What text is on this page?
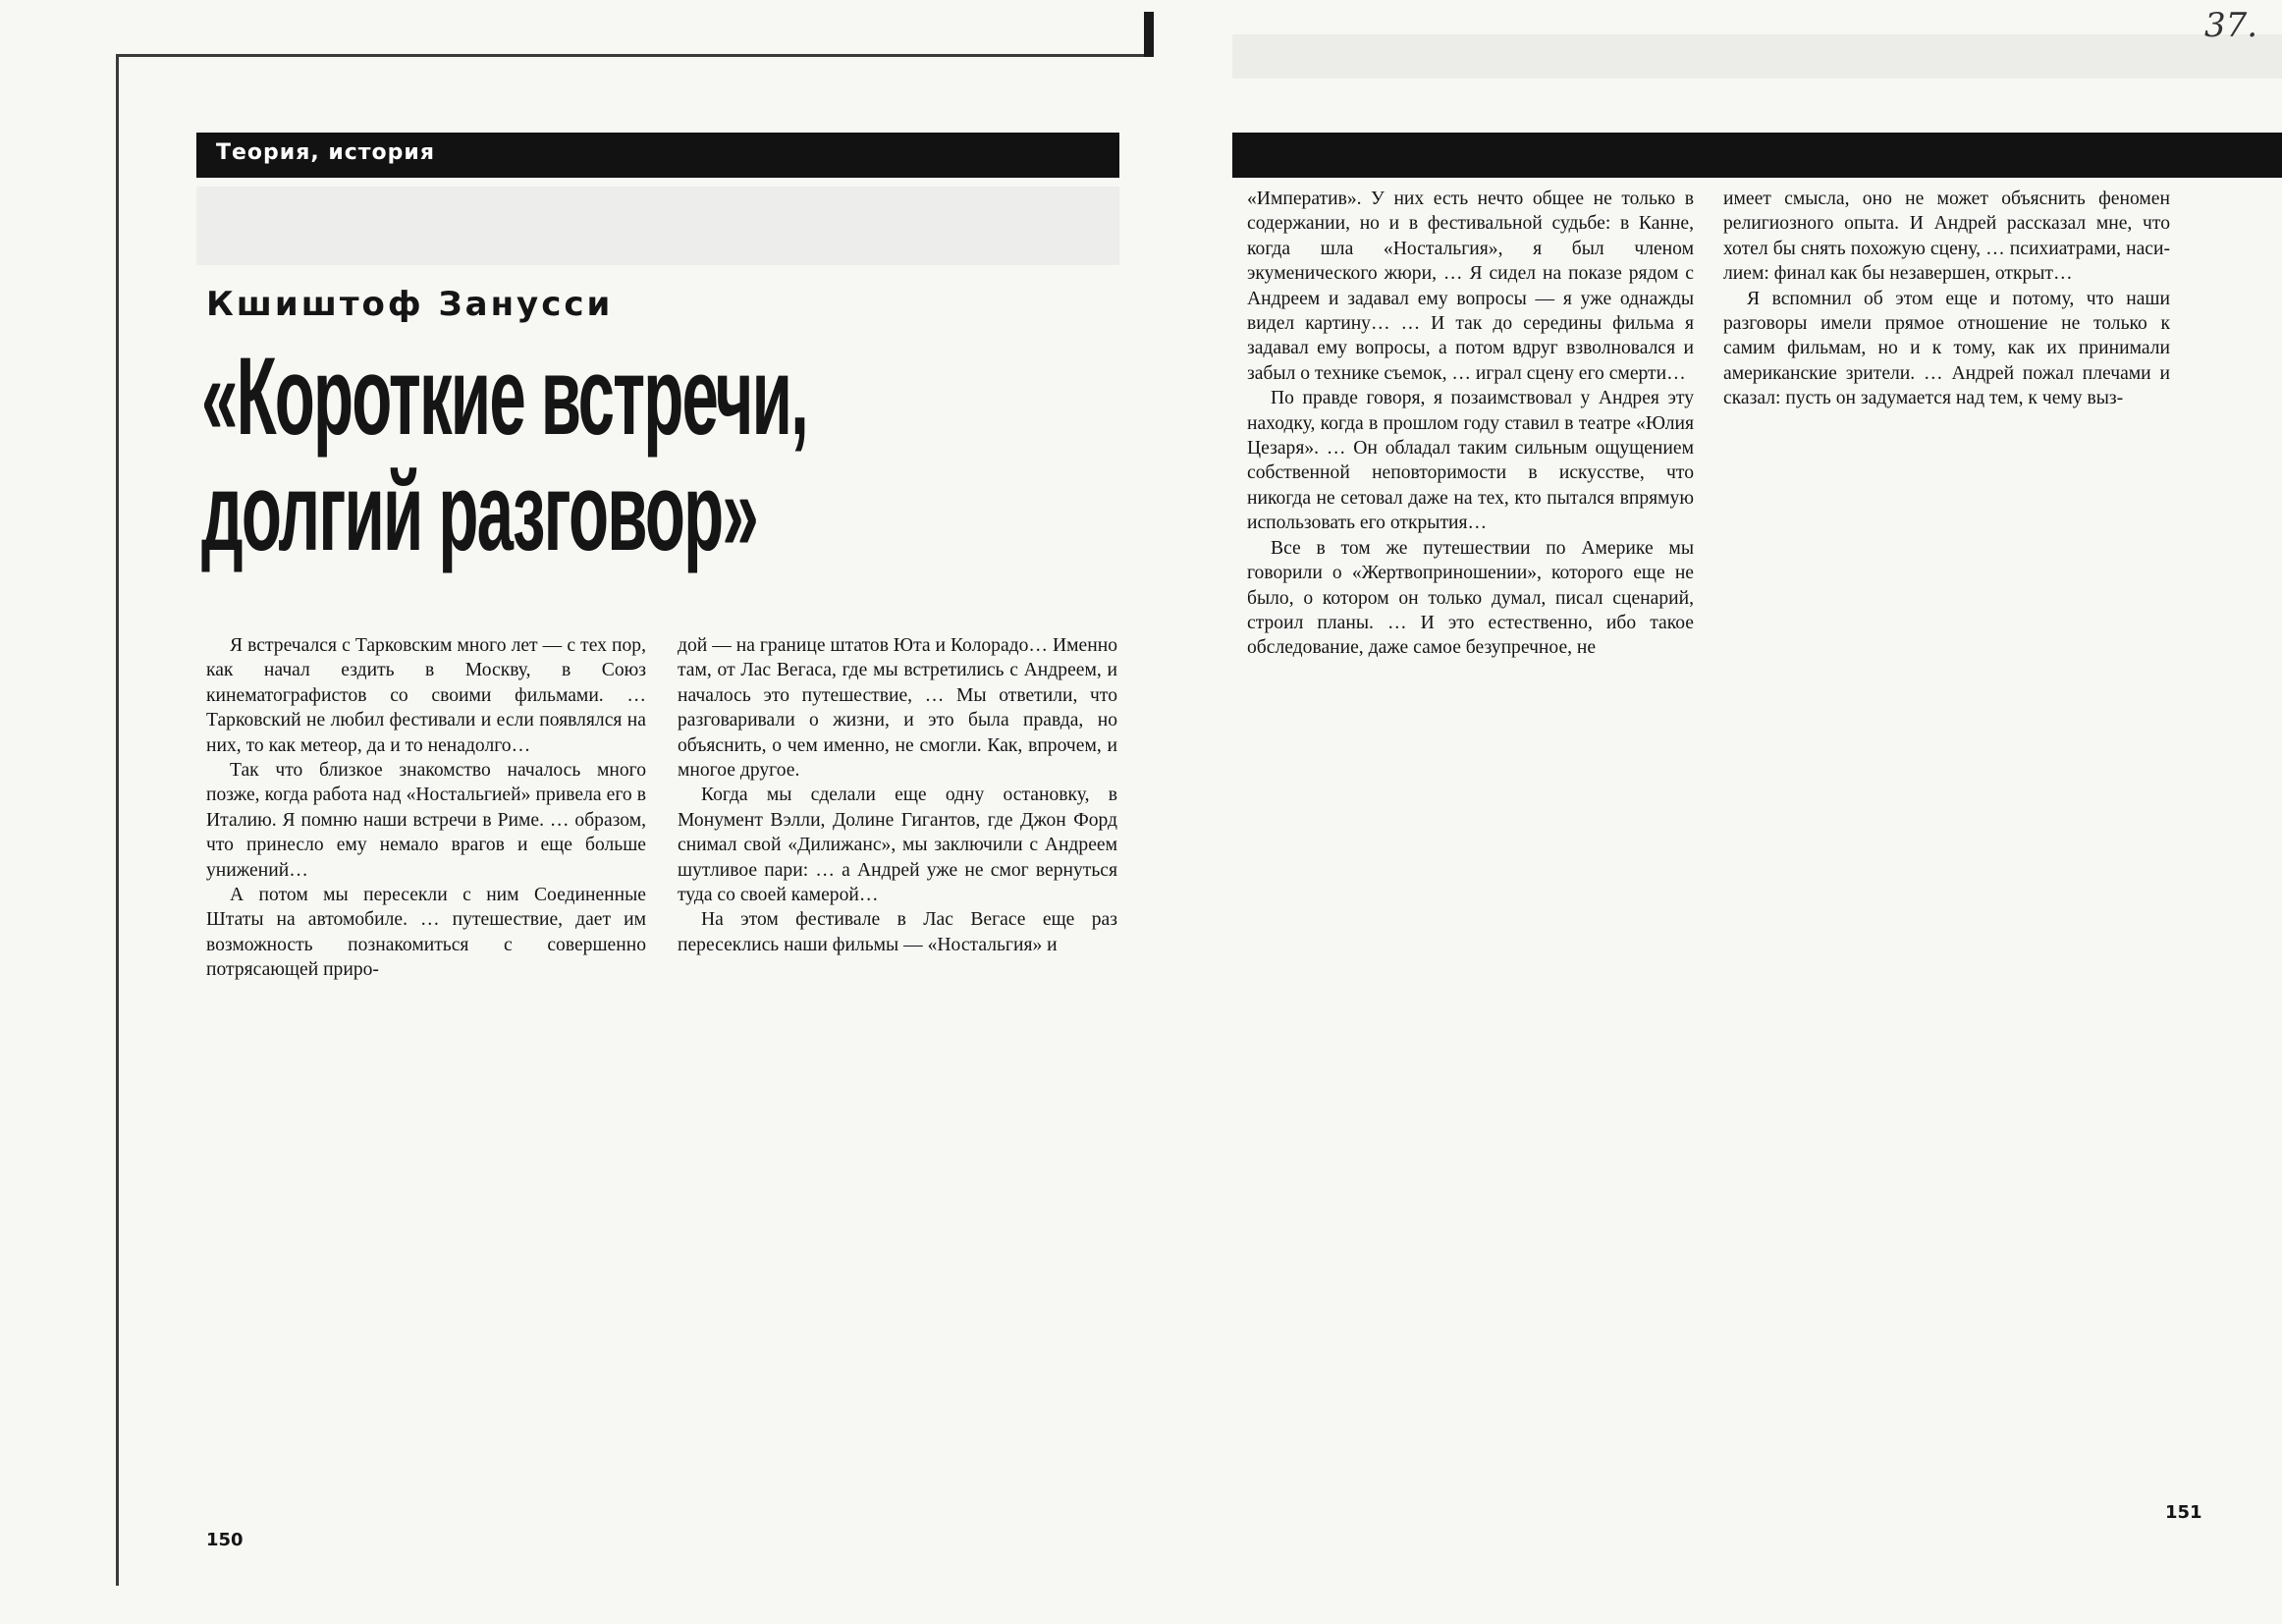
Теория, история
Кшиштоф Занусси
«Короткие встречи,
долгий разговор»

Я встречался с Тарковским много лет — с тех пор, как начал ездить в Москву, в Союз кинематографистов со своими фильмами. … Тарковский не любил фестивали и если появлялся на них, то как метеор, да и то ненадолго…

Так что близкое знакомство началось много позже, когда работа над «Ностальгией» привела его в Италию. Я помню наши встречи в Риме. … образом, что принесло ему немало врагов и еще больше унижений…

А потом мы пересекли с ним Соединенные Штаты на автомобиле. … путешествие, дает им возможность познакомиться с совершенно потрясающей приро-

дой — на границе штатов Юта и Колорадо… Именно там, от Лас Вегаса, где мы встретились с Андреем, и началось это путешествие, … Мы ответили, что разговаривали о жизни, и это была правда, но объяснить, о чем именно, не смогли. Как, впрочем, и многое другое.

Когда мы сделали еще одну остановку, в Монумент Вэлли, Долине Гигантов, где Джон Форд снимал свой «Дилижанс», мы заключили с Андреем шутливое пари: … а Андрей уже не смог вернуться туда со своей камерой…

На этом фестивале в Лас Вегасе еще раз пересеклись наши фильмы — «Ностальгия» и

150

«Императив». У них есть нечто общее не только в содержании, но и в фестивальной судьбе: в Канне, когда шла «Ностальгия», я был членом экуменического жюри, … Я сидел на показе рядом с Андреем и задавал ему вопросы — я уже однажды видел картину… … И так до середины фильма я задавал ему вопросы, а потом вдруг взволновался и забыл о технике съемок, … играл сцену его смерти…

По правде говоря, я позаимствовал у Андрея эту находку, когда в прошлом году ставил в театре «Юлия Цезаря». … Он обладал таким сильным ощущением собственной неповторимости в искусстве, что никогда не сетовал даже на тех, кто пытался впрямую использовать его открытия…

Все в том же путешествии по Америке мы говорили о «Жертвоприношении», которого еще не было, о котором он только думал, писал сценарий, строил планы. … И это естественно, ибо такое обследование, даже самое безупречное, не

имеет смысла, оно не может объяснить феномен религиозного опыта. И Андрей рассказал мне, что хотел бы снять похожую сцену, … психиатрами, насилием: финал как бы незавершен, открыт…

Я вспомнил об этом еще и потому, что наши разговоры имели прямое отношение не только к самим фильмам, но и к тому, как их принимали американские зрители. … Андрей пожал плечами и сказал: пусть он задумается над тем, к чему выз-

151
37.
